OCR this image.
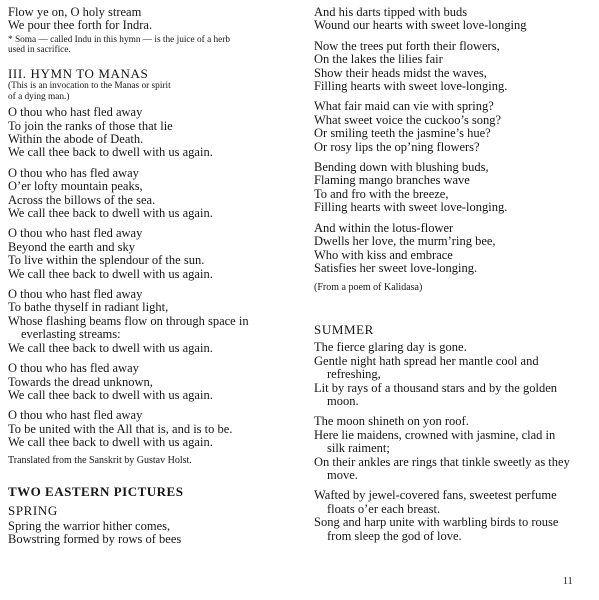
Flow ye on, O holy stream
We pour thee forth for Indra.
* Soma — called Indu in this hymn — is the juice of a herb
used in sacrifice.
III. HYMN TO MANAS
(This is an invocation to the Manas or spirit
of a dying man.)
O thou who hast fled away
To join the ranks of those that lie
Within the abode of Death.
We call thee back to dwell with us again.
O thou who has fled away
O’er lofty mountain peaks,
Across the billows of the sea.
We call thee back to dwell with us again.
O thou who hast fled away
Beyond the earth and sky
To live within the splendour of the sun.
We call thee back to dwell with us again.
O thou who hast fled away
To bathe thyself in radiant light,
Whose flashing beams flow on through space in
everlasting streams:
We call thee back to dwell with us again.
O thou who has fled away
Towards the dread unknown,
We call thee back to dwell with us again.
O thou who hast fled away
To be united with the All that is, and is to be.
We call thee back to dwell with us again.
Translated from the Sanskrit by Gustav Holst.
TWO EASTERN PICTURES
SPRING
Spring the warrior hither comes,
Bowstring formed by rows of bees
And his darts tipped with buds
Wound our hearts with sweet love-longing
Now the trees put forth their flowers,
On the lakes the lilies fair
Show their heads midst the waves,
Filling hearts with sweet love-longing.
What fair maid can vie with spring?
What sweet voice the cuckoo’s song?
Or smiling teeth the jasmine’s hue?
Or rosy lips the op’ning flowers?
Bending down with blushing buds,
Flaming mango branches wave
To and fro with the breeze,
Filling hearts with sweet love-longing.
And within the lotus-flower
Dwells her love, the murm’ring bee,
Who with kiss and embrace
Satisfies her sweet love-longing.
(From a poem of Kalidasa)
SUMMER
The fierce glaring day is gone.
Gentle night hath spread her mantle cool and
refreshing,
Lit by rays of a thousand stars and by the golden
moon.
The moon shineth on yon roof.
Here lie maidens, crowned with jasmine, clad in
silk raiment;
On their ankles are rings that tinkle sweetly as they
move.
Wafted by jewel-covered fans, sweetest perfume
floats o’er each breast.
Song and harp unite with warbling birds to rouse
from sleep the god of love.
11
